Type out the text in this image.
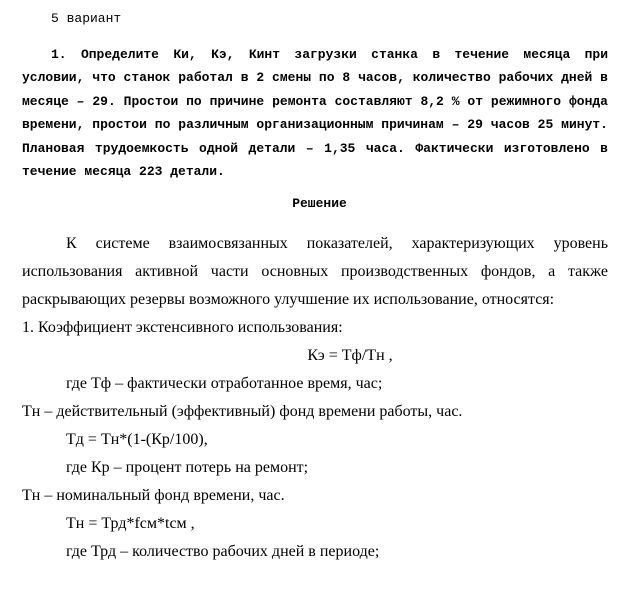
5 вариант

1. Определите Ки, Кэ, Кинт загрузки станка в течение месяца при условии, что станок работал в 2 смены по 8 часов, количество рабочих дней в месяце – 29. Простои по причине ремонта составляют 8,2 % от режимного фонда времени, простои по различным организационным причинам – 29 часов 25 минут. Плановая трудоемкость одной детали – 1,35 часа. Фактически изготовлено в течение месяца 223 детали.

Решение

К системе взаимосвязанных показателей, характеризующих уровень использования активной части основных производственных фондов, а также раскрывающих резервы возможного улучшение их использование, относятся:

1. Коэффициент экстенсивного использования:

Кэ = Тф/Тн ,

где Тф – фактически отработанное время, час;

Тн – действительный (эффективный) фонд времени работы, час.

Тд = Тн*(1-(Кр/100),

где Кр – процент потерь на ремонт;

Тн – номинальный фонд времени, час.

Тн = Трд*fсм*tсм ,

где Трд – количество рабочих дней в периоде;
